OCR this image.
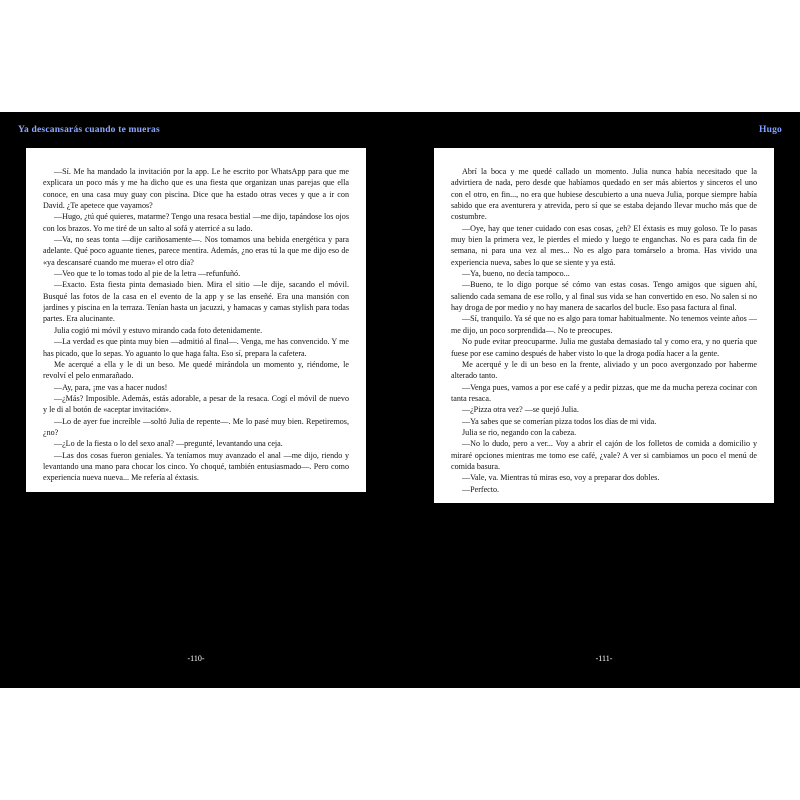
Ya descansarás cuando te mueras	Hugo

—Sí. Me ha mandado la invitación por la app. Le he escrito por WhatsApp para que me explicara un poco más y me ha dicho que es una fiesta que organizan unas parejas que ella conoce, en una casa muy guay con piscina. Dice que ha estado otras veces y que a ir con David. ¿Te apetece que vayamos?

—Hugo, ¿tú qué quieres, matarme? Tengo una resaca bestial —me dijo, tapándose los ojos con los brazos. Yo me tiré de un salto al sofá y aterricé a su lado.

—Va, no seas tonta —dije cariñosamente—. Nos tomamos una bebida energética y para adelante. Qué poco aguante tienes, parece mentira. Además, ¿no eras tú la que me dijo eso de «ya descansaré cuando me muera» el otro día?

—Veo que te lo tomas todo al pie de la letra —refunfuñó.

—Exacto. Esta fiesta pinta demasiado bien. Mira el sitio —le dije, sacando el móvil. Busqué las fotos de la casa en el evento de la app y se las enseñé. Era una mansión con jardines y piscina en la terraza. Tenían hasta un jacuzzi, y hamacas y camas stylish para todas partes. Era alucinante.

Julia cogió mi móvil y estuvo mirando cada foto detenidamente.

—La verdad es que pinta muy bien —admitió al final—. Venga, me has convencido. Y me has picado, que lo sepas. Yo aguanto lo que haga falta. Eso sí, prepara la cafetera.

Me acerqué a ella y le di un beso. Me quedé mirándola un momento y, riéndome, le revolví el pelo enmarañado.

—Ay, para, ¡me vas a hacer nudos!

—¿Más? Imposible. Además, estás adorable, a pesar de la resaca. Cogí el móvil de nuevo y le di al botón de «aceptar invitación».

—Lo de ayer fue increíble —soltó Julia de repente—. Me lo pasé muy bien. Repetiremos, ¿no?

—¿Lo de la fiesta o lo del sexo anal? —pregunté, levantando una ceja.

—Las dos cosas fueron geniales. Ya teníamos muy avanzado el anal —me dijo, riendo y levantando una mano para chocar los cinco. Yo choqué, también entusiasmado—. Pero como experiencia nueva nueva... Me refería al éxtasis.

-110-

Abrí la boca y me quedé callado un momento. Julia nunca había necesitado que la advirtiera de nada, pero desde que habíamos quedado en ser más abiertos y sinceros el uno con el otro, en fin..., no era que hubiese descubierto a una nueva Julia, porque siempre había sabido que era aventurera y atrevida, pero sí que se estaba dejando llevar mucho más que de costumbre.

—Oye, hay que tener cuidado con esas cosas, ¿eh? El éxtasis es muy goloso. Te lo pasas muy bien la primera vez, le pierdes el miedo y luego te enganchas. No es para cada fin de semana, ni para una vez al mes... No es algo para tomárselo a broma. Has vivido una experiencia nueva, sabes lo que se siente y ya está.

—Ya, bueno, no decía tampoco...

—Bueno, te lo digo porque sé cómo van estas cosas. Tengo amigos que siguen ahí, saliendo cada semana de ese rollo, y al final sus vida se han convertido en eso. No salen si no hay droga de por medio y no hay manera de sacarlos del bucle. Eso pasa factura al final.

—Sí, tranquilo. Ya sé que no es algo para tomar habitualmente. No tenemos veinte años —me dijo, un poco sorprendida—. No te preocupes.

No pude evitar preocuparme. Julia me gustaba demasiado tal y como era, y no quería que fuese por ese camino después de haber visto lo que la droga podía hacer a la gente.

Me acerqué y le di un beso en la frente, aliviado y un poco avergonzado por haberme alterado tanto.

—Venga pues, vamos a por ese café y a pedir pizzas, que me da mucha pereza cocinar con tanta resaca.

—¿Pizza otra vez? —se quejó Julia.

—Ya sabes que se comerían pizza todos los días de mi vida.

Julia se rio, negando con la cabeza.

—No lo dudo, pero a ver... Voy a abrir el cajón de los folletos de comida a domicilio y miraré opciones mientras me tomo ese café, ¿vale? A ver si cambiamos un poco el menú de comida basura.

—Vale, va. Mientras tú miras eso, voy a preparar dos dobles.

—Perfecto.

-111-
